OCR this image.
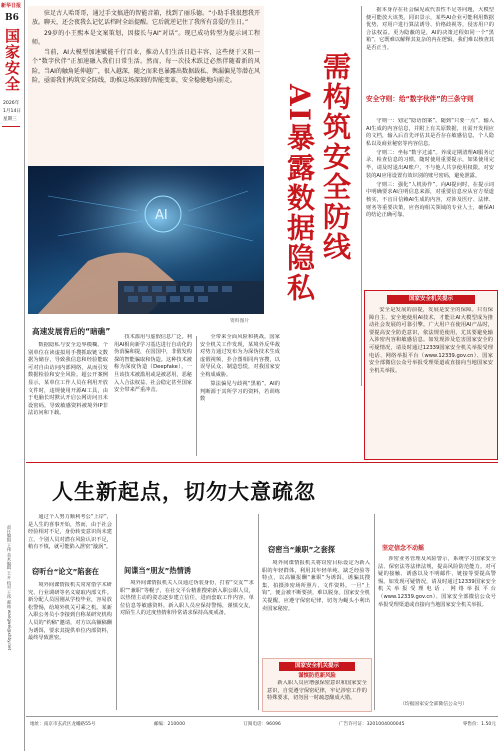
新华日报
B6
国家安全
2026年
1月14日
星期三
责任编辑 王伟 美术编辑 王卉 校对 王冰 邮箱 wangwei@xhby.net

驻足古人哈哥哥，通过手文搞进的智能音箱，找到了丽乐德。“小助手我很想我开放。聊天，还会夜我么记忆话档时全站提醒。它后就逆记住了我所有喜爱的生日。”

29岁的小王熙本是文案策划，因接长与AI“对话”。现已成功转型为提示词工程师。

当前，AI大模型加速赋能千行百业，推动人们生活日趋丰容，这些便于又阻一个“数字伙伴”正加速融入我们日常生活。然而，每一次技术跃迁必然伴随着新的风险，当AI的触角延伸越广，很入越深，随之而来也暴露出数据载私、舆漏偏见等潜在风险，亟需我们构筑安全防线，助推这场深刻的智能变革，安全稳健地向前走。

AI
资料图片
需构筑安全防线
AI暴露数据隐私
据本身存在社会偏见或代表性不足等问题，大模型便可能放大该类。同识景示，某些AI企业可能利用数据优势，对用户进行算法诱导、价格歧视等，侵害用户的合法权益。更为隐蔽的是，AI的决策过程如同一个“黑箱”，它既难以解释其复杂的内在逻辑，我们难以核查其是否正当。
安全守则：给“数字伙伴”的三条守则

守则一：划定“隐语图案”。随到“只要一点”，输入AI生成的内容信息，并附上有关原数据，且需开发相应的文档，输入后首先评估其是否存在敏感信息，个人隐私以及商业秘密等内容信息。

守则二：坐标“数字过滤”。养成定期清理AI服务记录、检查信息的习惯，随时使用重要提示，如果使用完毕，请及时退出AI账户，不与他人共享使用权限。对安装的AI应用设置有效识别的账号密码，避免泄露。

守则三：强化“人机协作”。向AI提问时，在提示词中明确要求AI注明信息来源，对重要信息应从官方渠道核实，不盲目信赖AI生成的内容，对涉及医疗、法律、财务等重要决策，应咨询相关领域的专业人士，确保AI的结论正确可靠。

国家安全机关提示
安全是发展的前提，发展是安全的保障。只有保障自主、安全地使用AI技术，才能让AI大模型成为推动社会发展的可靠引擎。广大用户在使用AI产品时，要提高安全防范意识，依法规范使用，尤其要避免输入涉密内容和敏感信息。如发现涉及危害国家安全的可疑情况，请及时通过12339国家安全机关举报受理电话、网络举报平台（www.12339.gov.cn）、国家安全部微信公众号举报受理渠道或直接向当地国家安全机关举报。
高速发展背后的“暗礁”
数据隐私与安全边界模糊。个别单位在读虚拟用手搜抓取链文数据为储存，导致我信息和经验能取可对自由访问内部网络，从而引发数据检验和安全风险。超公开案例显示，某单位工作人员在利用开放文件时，违规使用开源AI工具，由于电脑长时默认开启公网访问且未设密码，导致敏感资料被境外IP非法访问和下载。
技术滥用与虚假信息广泛。利用AI相向新学习基达进行自动化的伪消骗和提，在国国中，非假发构探的智能骗取和伪造。这种技术被称为深度伪造（Deepfake），一旦该技术被滥用或是被恶用，恶秘入人合法权益、社会稳定甚至国家安全带来严重冲击。

全带来全面风险和挑战。国家安全机关工作发现，某境外反华敌对势力通过发布为为深伪技术生成虚假视频，扑合图相同内容搜，以误导民众、制造恐慌，对我国家安全构成威胁。

算法偏见与歧视“黑箱”。AI的判断源于其所学习的资料，若训练数

人生新起点，切勿大意疏忽
通过个人努力顺利考公“上岸”，是人生的喜事开始，然而，由于社会经验相对不足，身份转变意识尚未建立，个别人员对潜在风险认识不足，稍有不慎，就可能陷入泄密“漩涡”。
窃听台“论文”陷套在
境外间谍情报机关常常借学术研究、行业调研等名义窥取内部文件。新分配人员因刚从学校毕业，容易放松警惕，给境外机关可乘之机。某新入职公务员小李接到自称某研究机构人员的“约稿”邀请，对方以高额稿酬为诱饵，要求其提供单位内部资料，最终导致泄密。
间谍当“朋友”热情诱
境外间谍情报机关人员通过伪装身份，打着“交友”“求职”“兼职”等幌子，在社交平台精准搜索新入职公职人员，以热情主动的姿态逐步建立信任，进而套取工作内容、单位信息等敏感资料。新入职人员应保持警惕，谨慎交友，对陌生人的过度热情和异常请求保持高度戒备。
窃密当“兼职”之套探
境外间谍情报机关将窃密目标设定为新入职的年轻群体，利用其年轻单纯、缺乏经验等特点，以高额报酬“兼职”为诱饵，诱骗其搜集、拍摄涉密场所照片、文件资料。一旦“上钩”，便会被不断要挟，难以脱身。国家安全机关提醒，应遵守保密纪律，切勿为蝇头小利出卖国家秘密。
国家安全机关提示
谨慎防范新风险
新入职人员应增强保密意识和国家安全意识，自觉遵守保密纪律，牢记涉密工作的特殊要求，切勿因一时疏忽酿成大错。
坚定信念不动摇
涉密业务管理及风险警示，系统学习国家安全法、保密法等法律法规，提高风险防范能力。对可疑的接触、诱惑以及不明邮件、链接等要提高警惕。如发现可疑情况，请及时通过12339国家安全机关举报受理电话、网络举报平台（www.12339.gov.cn）、国家安全部微信公众号举报受理渠道或直接向当地国家安全机关举报。
（均据国家安全部微信公众号）
地址：南京市玄武区龙蟠路55号	邮编：210000	订阅电话：96096	广告许可证：3201004000045	零售价：1.50元
